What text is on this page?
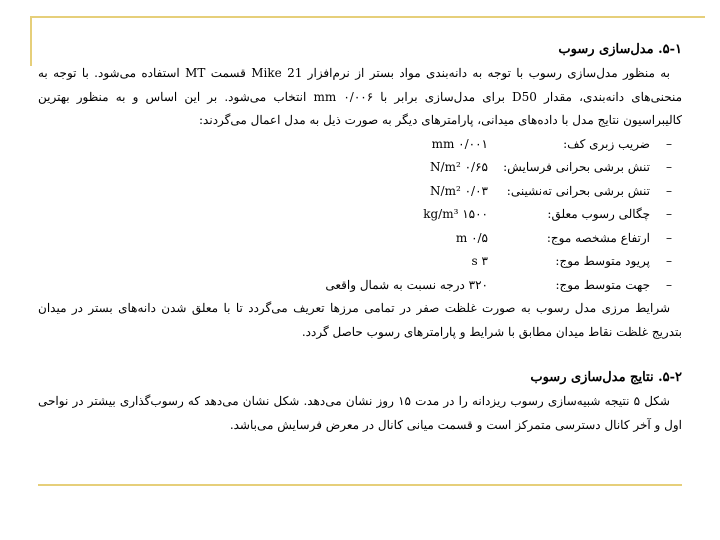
۵-۱. مدل‌سازی رسوب

به منظور مدل‌سازی رسوب با توجه به دانه‌بندی مواد بستر از نرم‌افزار Mike 21 قسمت MT استفاده می‌شود. با توجه به منحنی‌های دانه‌بندی، مقدار D50 برای مدل‌سازی برابر با ۰/۰۰۶ mm انتخاب می‌شود. بر این اساس و به منظور بهترین کالیبراسیون نتایج مدل با داده‌های میدانی، پارامترهای دیگر به صورت ذیل به مدل اعمال می‌گردند:

–
ضریب زبری کف:
۰/۰۰۱ mm
–
تنش برشی بحرانی فرسایش:
۰/۶۵ N/m²
–
تنش برشی بحرانی ته‌نشینی:
۰/۰۳ N/m²
–
چگالی رسوب معلق:
۱۵۰۰ kg/m³
–
ارتفاع مشخصه موج:
۰/۵ m
–
پریود متوسط موج:
۳ s
–
جهت متوسط موج:
۳۲۰ درجه نسبت به شمال واقعی

شرایط مرزی مدل رسوب به صورت غلظت صفر در تمامی مرزها تعریف می‌گردد تا با معلق شدن دانه‌های بستر در میدان بتدریج غلظت نقاط میدان مطابق با شرایط و پارامترهای رسوب حاصل گردد.

۵-۲. نتایج مدل‌سازی رسوب

شکل ۵ نتیجه شبیه‌سازی رسوب ریزدانه را در مدت ۱۵ روز نشان می‌دهد. شکل نشان می‌دهد که رسوب‌گذاری بیشتر در نواحی اول و آخر کانال دسترسی متمرکز است و قسمت میانی کانال در معرض فرسایش می‌باشد.
